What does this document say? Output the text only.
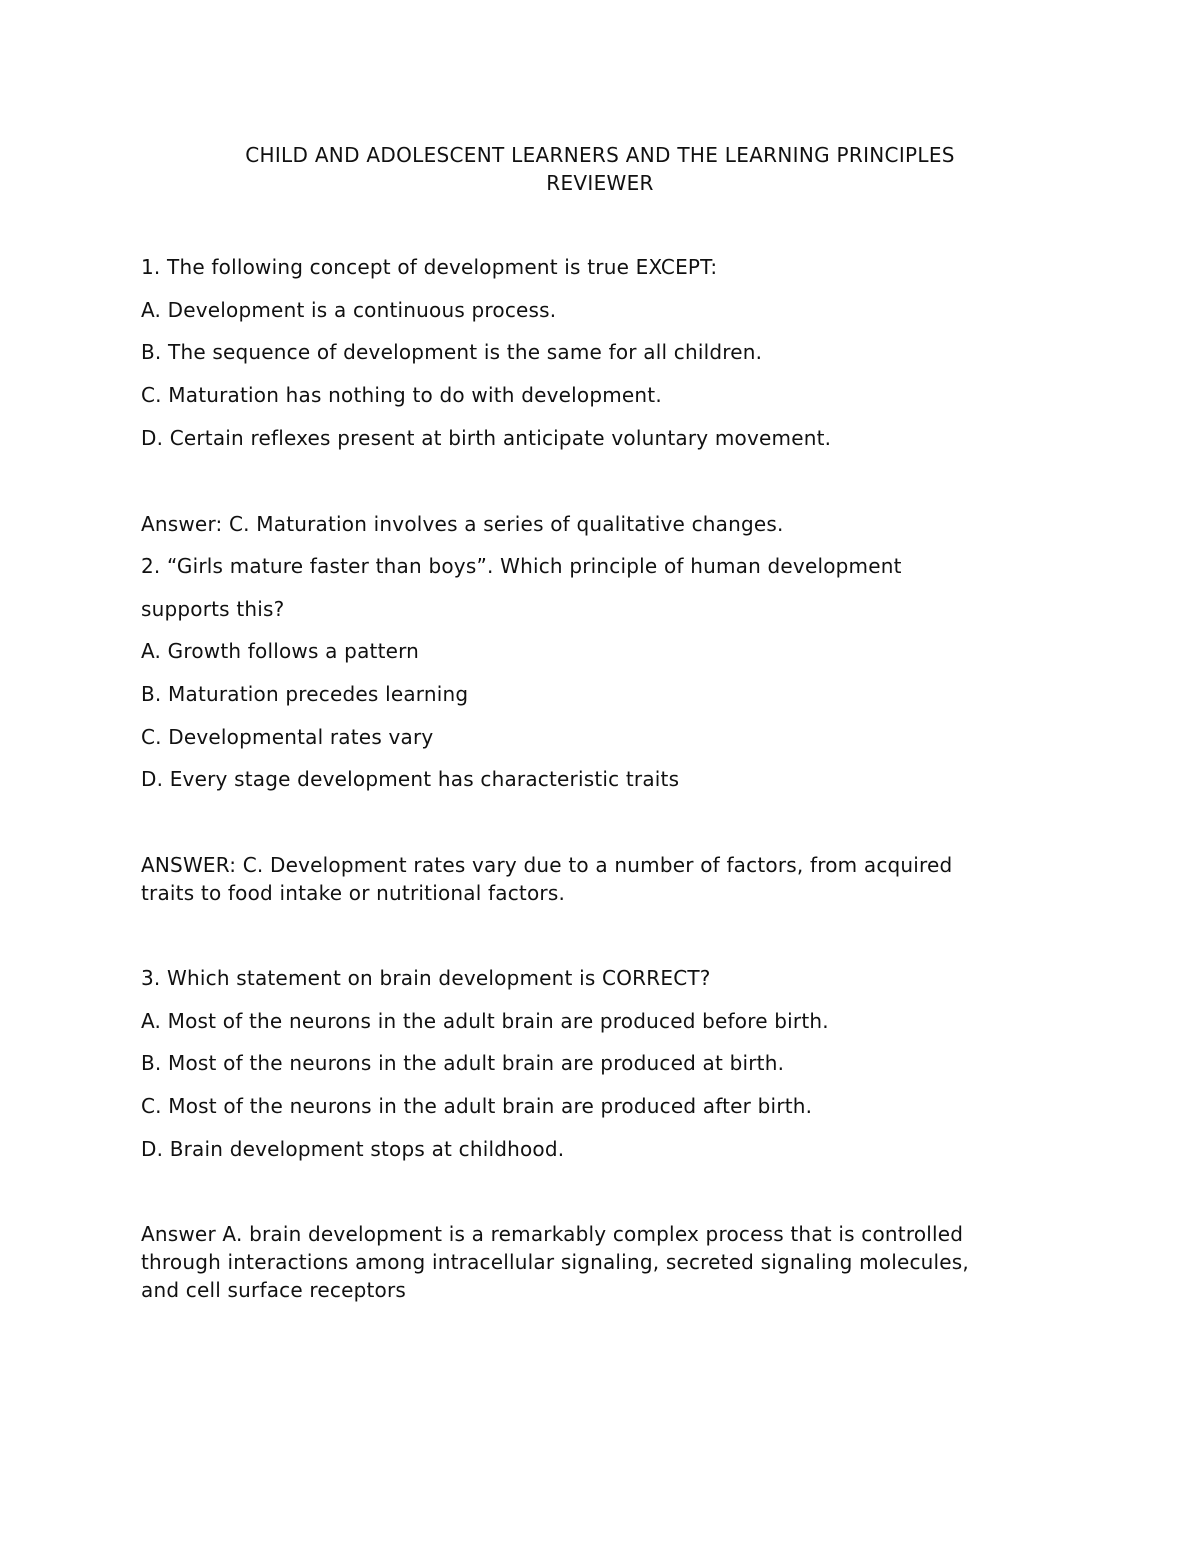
CHILD AND ADOLESCENT LEARNERS AND THE LEARNING PRINCIPLES
REVIEWER
1. The following concept of development is true EXCEPT:
A. Development is a continuous process.
B. The sequence of development is the same for all children.
C. Maturation has nothing to do with development.
D. Certain reflexes present at birth anticipate voluntary movement.
Answer: C. Maturation involves a series of qualitative changes.
2. “Girls mature faster than boys”. Which principle of human development
supports this?
A. Growth follows a pattern
B. Maturation precedes learning
C. Developmental rates vary
D. Every stage development has characteristic traits
ANSWER: C. Development rates vary due to a number of factors, from acquired
traits to food intake or nutritional factors.
3. Which statement on brain development is CORRECT?
A. Most of the neurons in the adult brain are produced before birth.
B. Most of the neurons in the adult brain are produced at birth.
C. Most of the neurons in the adult brain are produced after birth.
D. Brain development stops at childhood.
Answer A. brain development is a remarkably complex process that is controlled
through interactions among intracellular signaling, secreted signaling molecules,
and cell surface receptors
